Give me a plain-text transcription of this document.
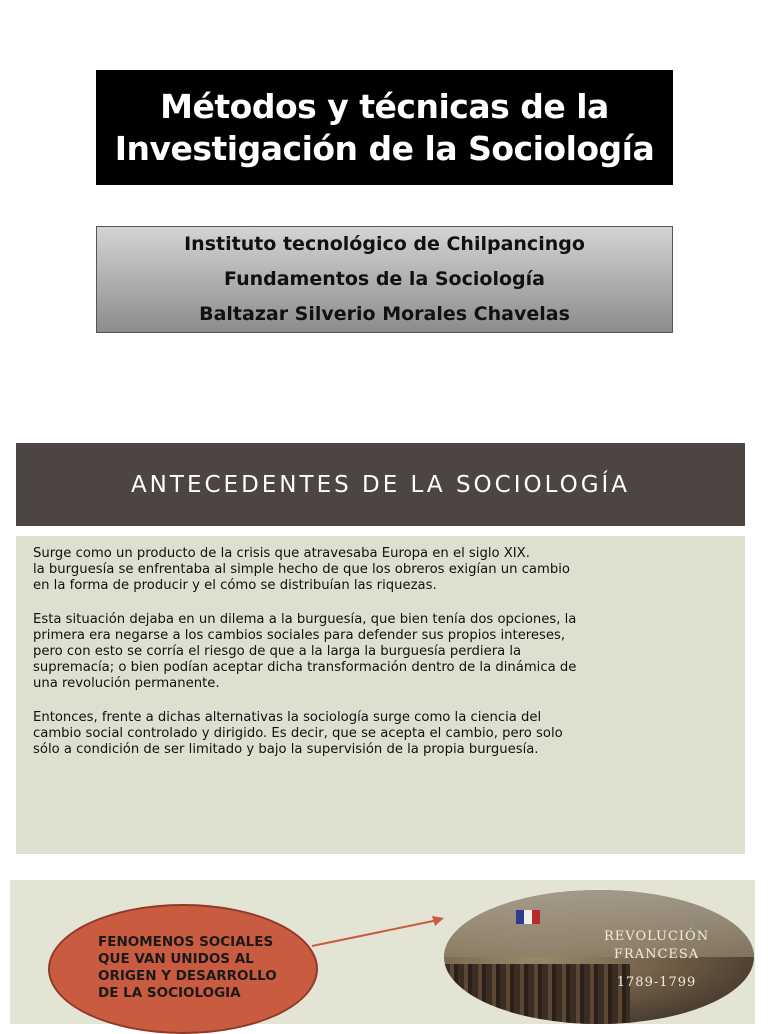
Métodos y técnicas de la
Investigación de la Sociología
Instituto tecnológico de Chilpancingo
Fundamentos de la Sociología
Baltazar Silverio Morales Chavelas
ANTECEDENTES DE LA SOCIOLOGÍA

Surge como un producto de la crisis que atravesaba Europa en el siglo XIX.
la burguesía se enfrentaba al simple hecho de que los obreros exigían un cambio
en la forma de producir y el cómo se distribuían las riquezas.

Esta situación dejaba en un dilema a la burguesía, que bien tenía dos opciones, la
primera era negarse a los cambios sociales para defender sus propios intereses,
pero con esto se corría el riesgo de que a la larga la burguesía perdiera la
supremacía; o bien podían aceptar dicha transformación dentro de la dinámica de
una revolución permanente.

Entonces, frente a dichas alternativas la sociología surge como la ciencia del
cambio social controlado y dirigido. Es decir, que se acepta el cambio, pero solo
sólo a condición de ser limitado y bajo la supervisión de la propia burguesía.

FENOMENOS SOCIALES
QUE VAN UNIDOS AL
ORIGEN Y DESARROLLO
DE LA SOCIOLOGIA
REVOLUCIÓN
FRANCESA
1789-1799
